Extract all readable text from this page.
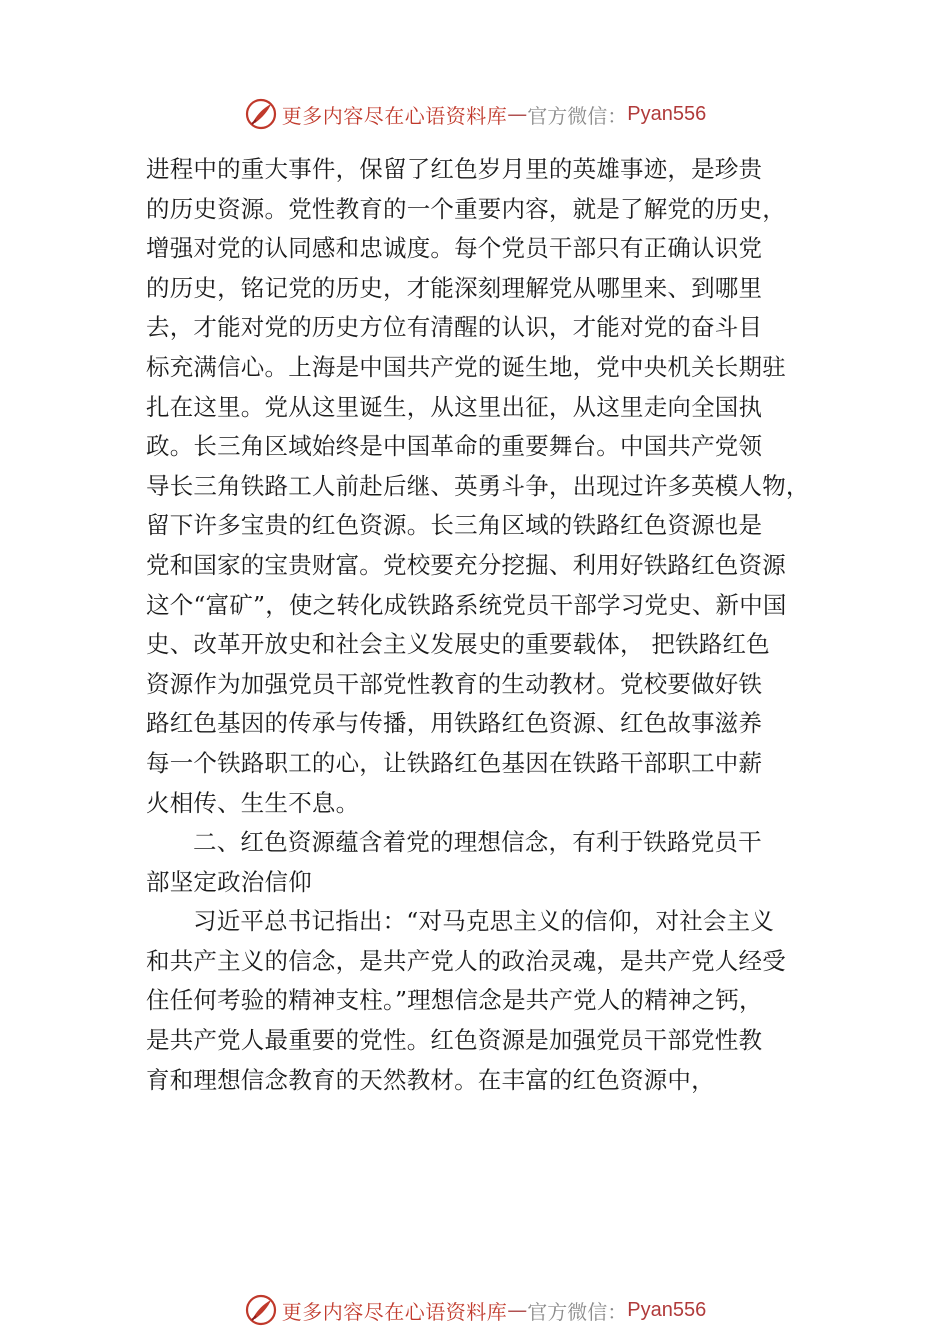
更多内容尽在心语资料库 — 官方微信： Pyan556
进程中的重大事件，保留了红色岁月里的英雄事迹，是珍贵
的历史资源。党性教育的一个重要内容，就是了解党的历史，
增强对党的认同感和忠诚度。每个党员干部只有正确认识党
的历史，铭记党的历史，才能深刻理解党从哪里来、到哪里
去，才能对党的历史方位有清醒的认识，才能对党的奋斗目
标充满信心。上海是中国共产党的诞生地，党中央机关长期驻
扎在这里。党从这里诞生，从这里出征，从这里走向全国执
政。长三角区域始终是中国革命的重要舞台。中国共产党领
导长三角铁路工人前赴后继、英勇斗争，出现过许多英模人物，
留下许多宝贵的红色资源。长三角区域的铁路红色资源也是
党和国家的宝贵财富。党校要充分挖掘、利用好铁路红色资源
这个“富矿”，使之转化成铁路系统党员干部学习党史、新中国
史、改革开放史和社会主义发展史的重要载体， 把铁路红色
资源作为加强党员干部党性教育的生动教材。党校要做好铁
路红色基因的传承与传播，用铁路红色资源、红色故事滋养
每一个铁路职工的心，让铁路红色基因在铁路干部职工中薪
火相传、生生不息。
二、红色资源蕴含着党的理想信念，有利于铁路党员干
部坚定政治信仰
习近平总书记指出：“对马克思主义的信仰，对社会主义
和共产主义的信念，是共产党人的政治灵魂，是共产党人经受
住任何考验的精神支柱。”理想信念是共产党人的精神之钙，
是共产党人最重要的党性。红色资源是加强党员干部党性教
育和理想信念教育的天然教材。在丰富的红色资源中，
更多内容尽在心语资料库 — 官方微信： Pyan556
